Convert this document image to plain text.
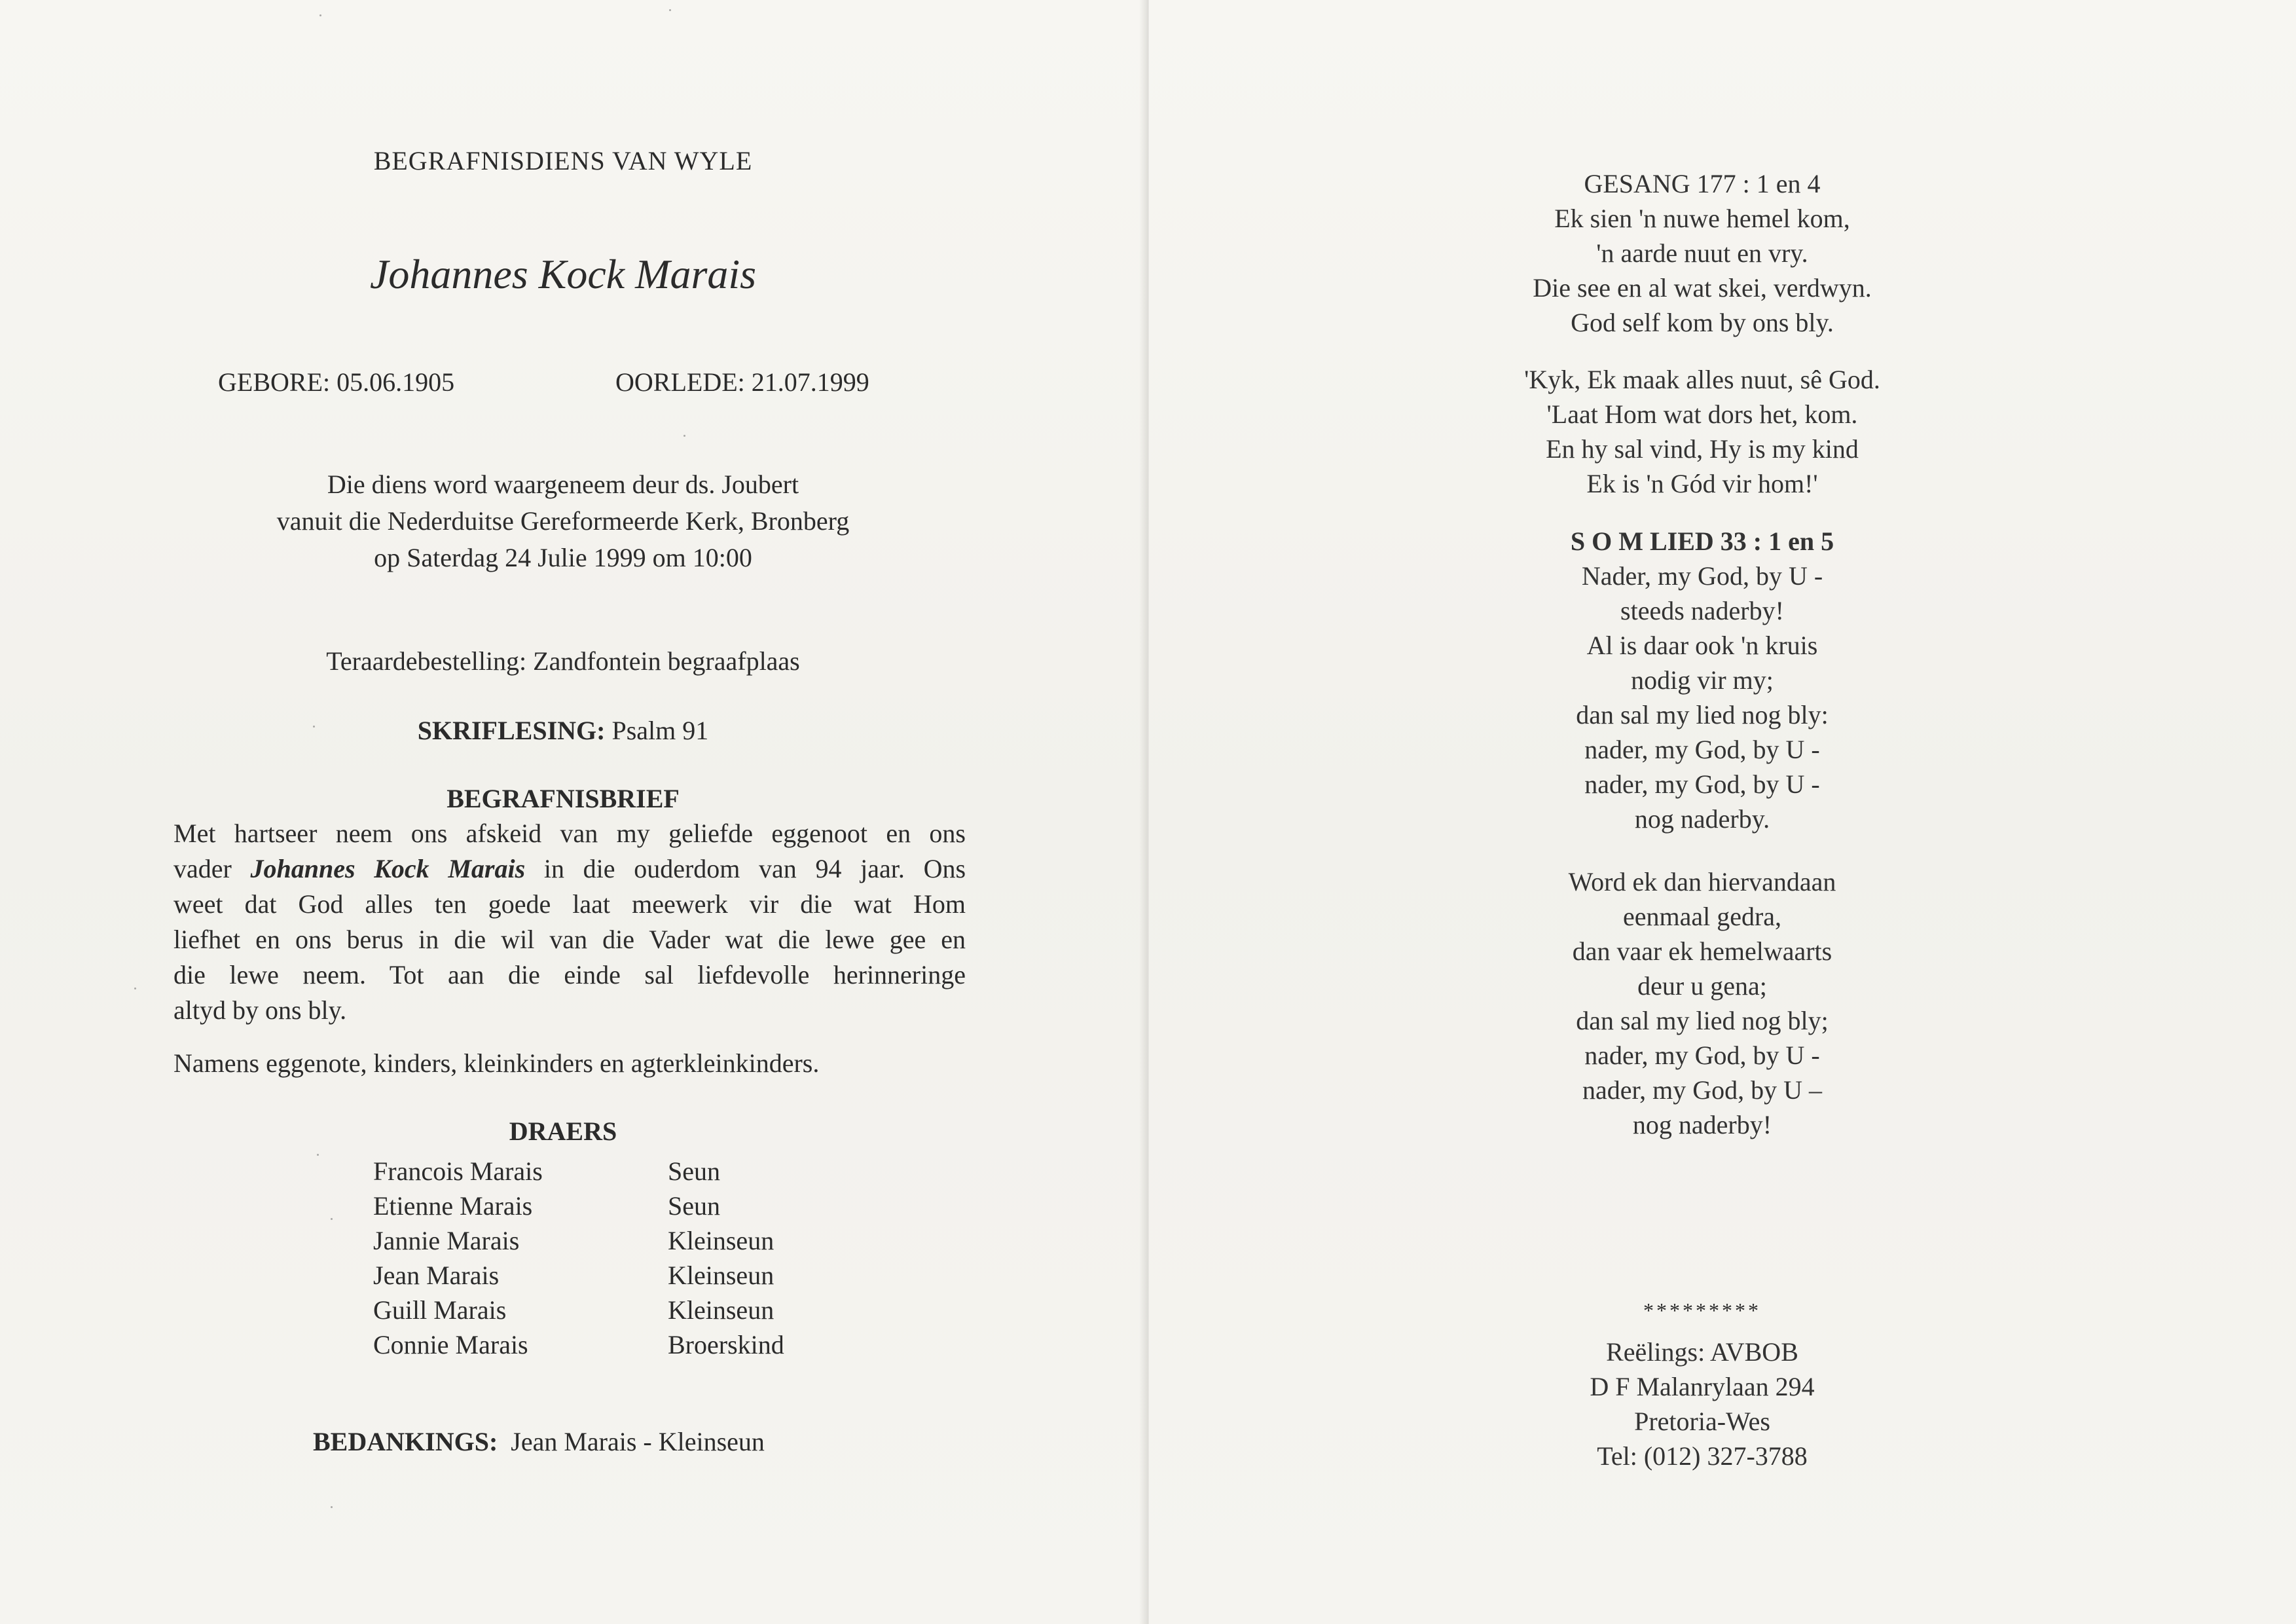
BEGRAFNISDIENS VAN WYLE
Johannes Kock Marais
GEBORE: 05.06.1905	OORLEDE: 21.07.1999
Die diens word waargeneem deur ds. Joubert
vanuit die Nederduitse Gereformeerde Kerk, Bronberg
op Saterdag 24 Julie 1999 om 10:00
Teraardebestelling: Zandfontein begraafplaas
SKRIFLESING: Psalm 91
BEGRAFNISBRIEF
Met hartseer neem ons afskeid van my geliefde eggenoot en ons
vader Johannes Kock Marais in die ouderdom van 94 jaar. Ons
weet dat God alles ten goede laat meewerk vir die wat Hom
liefhet en ons berus in die wil van die Vader wat die lewe gee en
die lewe neem. Tot aan die einde sal liefdevolle herinneringe
altyd by ons bly.
Namens eggenote, kinders, kleinkinders en agterkleinkinders.
DRAERS
Francois Marais	Seun
Etienne Marais	Seun
Jannie Marais	Kleinseun
Jean Marais	Kleinseun
Guill Marais	Kleinseun
Connie Marais	Broerskind
BEDANKINGS: Jean Marais - Kleinseun

GESANG 177 : 1 en 4
Ek sien 'n nuwe hemel kom,
'n aarde nuut en vry.
Die see en al wat skei, verdwyn.
God self kom by ons bly.
'Kyk, Ek maak alles nuut, sê God.
'Laat Hom wat dors het, kom.
En hy sal vind, Hy is my kind
Ek is 'n Gód vir hom!'
S O M LIED 33 : 1 en 5
Nader, my God, by U -
steeds naderby!
Al is daar ook 'n kruis
nodig vir my;
dan sal my lied nog bly:
nader, my God, by U -
nader, my God, by U -
nog naderby.
Word ek dan hiervandaan
eenmaal gedra,
dan vaar ek hemelwaarts
deur u gena;
dan sal my lied nog bly;
nader, my God, by U -
nader, my God, by U –
nog naderby!
*********
Reëlings: AVBOB
D F Malanrylaan 294
Pretoria-Wes
Tel: (012) 327-3788
